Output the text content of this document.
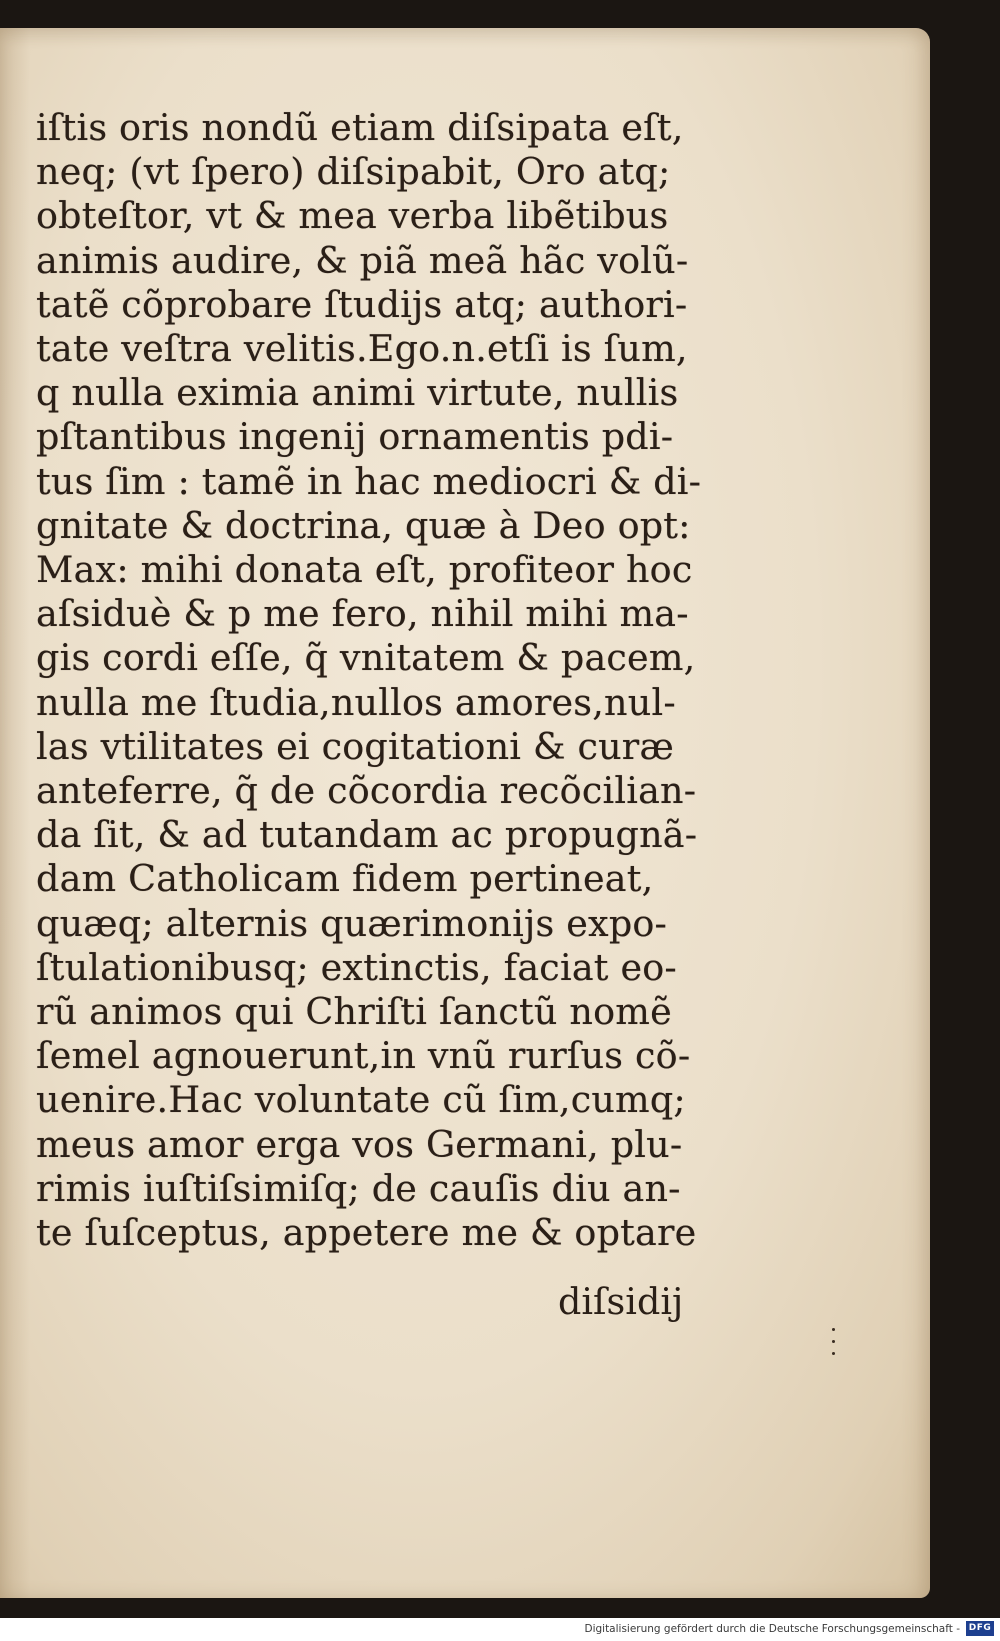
iſtis oris nondũ etiam diſsipata eſt,
neq; (vt ſpero) diſsipabit, Oro atq;
obteſtor, vt & mea verba libẽtibus
animis audire, & piã meã hãc volũ-
tatẽ cõprobare ſtudijs atq; authori-
tate veſtra velitis.Ego.n.etſi is ſum,
q nulla eximia animi virtute, nullis
pſtantibus ingenij ornamentis pdi-
tus ſim : tamẽ in hac mediocri & di-
gnitate & doctrina, quæ à Deo opt:
Max: mihi donata eſt, profiteor hoc
aſsiduè & p me fero, nihil mihi ma-
gis cordi eſſe, q̃ vnitatem & pacem,
nulla me ſtudia,nullos amores,nul-
las vtilitates ei cogitationi & curæ
anteferre, q̃ de cõcordia recõcilian-
da ſit, & ad tutandam ac propugnã-
dam Catholicam fidem pertineat,
quæq; alternis quærimonijs expo-
ſtulationibusq; extinctis, faciat eo-
rũ animos qui Chriſti ſanctũ nomẽ
ſemel agnouerunt,in vnũ rurſus cõ-
uenire.Hac voluntate cũ ſim,cumq;
meus amor erga vos Germani, plu-
rimis iuſtiſsimiſq; de cauſis diu an-
te ſuſceptus, appetere me & optare
diſsidij
Digitalisierung gefördert durch die Deutsche Forschungsgemeinschaft - DFG
